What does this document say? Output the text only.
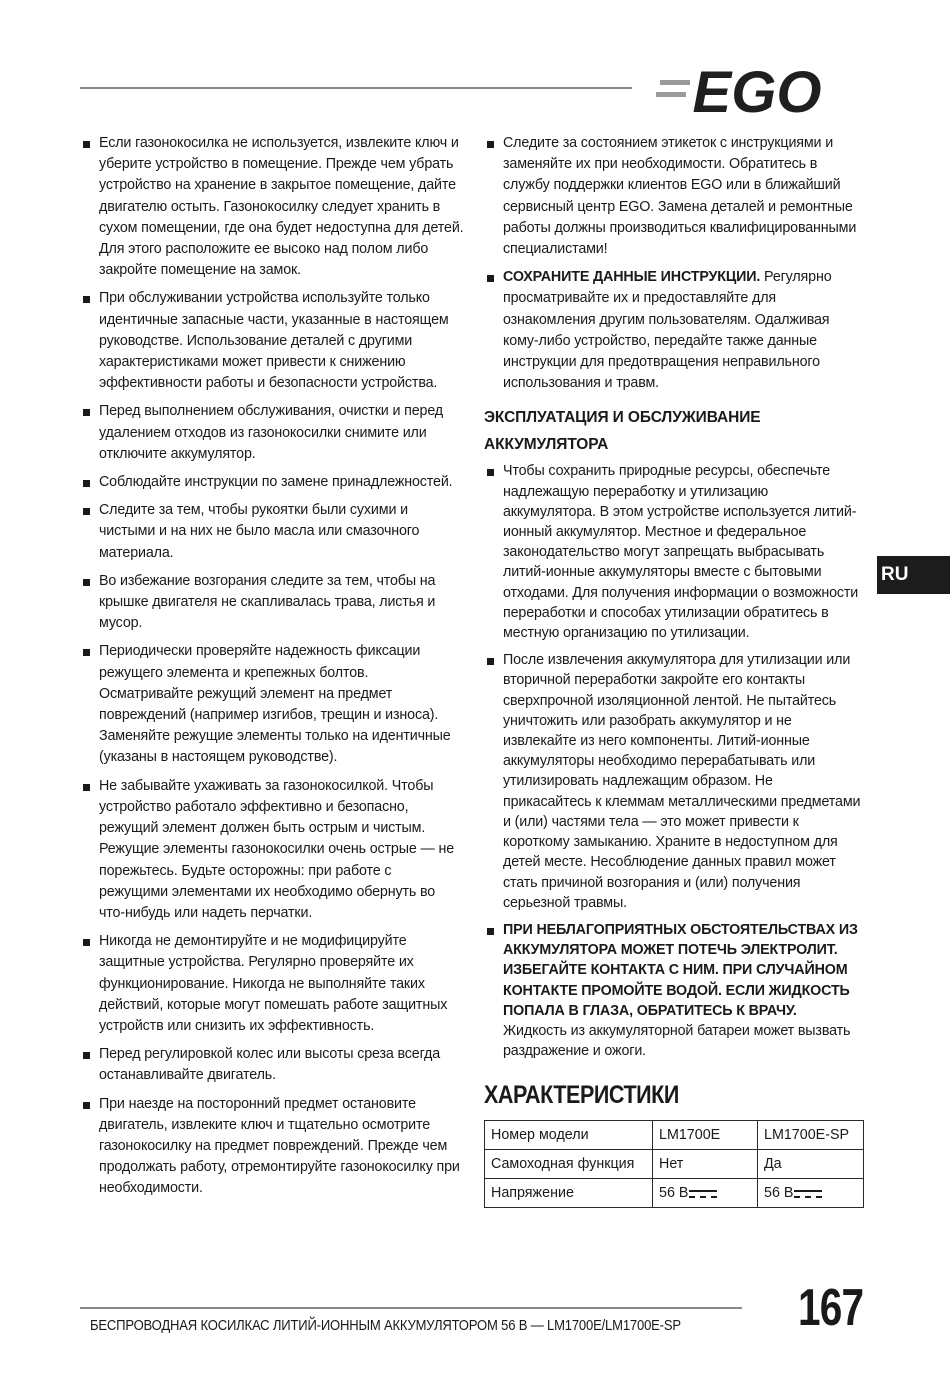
EGO
Если газонокосилка не используется, извлеките ключ и уберите устройство в помещение. Прежде чем убрать устройство на хранение в закрытое помещение, дайте двигателю остыть. Газонокосилку следует хранить в сухом помещении, где она будет недоступна для детей. Для этого расположите ее высоко над полом либо закройте помещение на замок.
При обслуживании устройства используйте только идентичные запасные части, указанные в настоящем руководстве. Использование деталей с другими характеристиками может привести к снижению эффективности работы и безопасности устройства.
Перед выполнением обслуживания, очистки и перед удалением отходов из газонокосилки снимите или отключите аккумулятор.
Соблюдайте инструкции по замене принадлежностей.
Следите за тем, чтобы рукоятки были сухими и чистыми и на них не было масла или смазочного материала.
Во избежание возгорания следите за тем, чтобы на крышке двигателя не скапливалась трава, листья и мусор.
Периодически проверяйте надежность фиксации режущего элемента и крепежных болтов. Осматривайте режущий элемент на предмет повреждений (например изгибов, трещин и износа). Заменяйте режущие элементы только на идентичные (указаны в настоящем руководстве).
Не забывайте ухаживать за газонокосилкой. Чтобы устройство работало эффективно и безопасно, режущий элемент должен быть острым и чистым. Режущие элементы газонокосилки очень острые — не порежьтесь. Будьте осторожны: при работе с режущими элементами их необходимо обернуть во что-нибудь или надеть перчатки.
Никогда не демонтируйте и не модифицируйте защитные устройства. Регулярно проверяйте их функционирование. Никогда не выполняйте таких действий, которые могут помешать работе защитных устройств или снизить их эффективность.
Перед регулировкой колес или высоты среза всегда останавливайте двигатель.
При наезде на посторонний предмет остановите двигатель, извлеките ключ и тщательно осмотрите газонокосилку на предмет повреждений. Прежде чем продолжать работу, отремонтируйте газонокосилку при необходимости.
Следите за состоянием этикеток с инструкциями и заменяйте их при необходимости. Обратитесь в службу поддержки клиентов EGO или в ближайший сервисный центр EGO. Замена деталей и ремонтные работы должны производиться квалифицированными специалистами!
СОХРАНИТЕ ДАННЫЕ ИНСТРУКЦИИ. Регулярно просматривайте их и предоставляйте для ознакомления другим пользователям. Одалживая кому-либо устройство, передайте также данные инструкции для предотвращения неправильного использования и травм.
ЭКСПЛУАТАЦИЯ И ОБСЛУЖИВАНИЕ
АККУМУЛЯТОРА
Чтобы сохранить природные ресурсы, обеспечьте надлежащую переработку и утилизацию аккумулятора. В этом устройстве используется литий-ионный аккумулятор. Местное и федеральное законодательство могут запрещать выбрасывать литий-ионные аккумуляторы вместе с бытовыми отходами. Для получения информации о возможности переработки и способах утилизации обратитесь в местную организацию по утилизации.
После извлечения аккумулятора для утилизации или вторичной переработки закройте его контакты сверхпрочной изоляционной лентой. Не пытайтесь уничтожить или разобрать аккумулятор и не извлекайте из него компоненты. Литий-ионные аккумуляторы необходимо перерабатывать или утилизировать надлежащим образом. Не прикасайтесь к клеммам металлическими предметами и (или) частями тела — это может привести к короткому замыканию. Храните в недоступном для детей месте. Несоблюдение данных правил может стать причиной возгорания и (или) получения серьезной травмы.
ПРИ НЕБЛАГОПРИЯТНЫХ ОБСТОЯТЕЛЬСТВАХ ИЗ АККУМУЛЯТОРА МОЖЕТ ПОТЕЧЬ ЭЛЕКТРОЛИТ. ИЗБЕГАЙТЕ КОНТАКТА С НИМ. ПРИ СЛУЧАЙНОМ КОНТАКТЕ ПРОМОЙТЕ ВОДОЙ. ЕСЛИ ЖИДКОСТЬ ПОПАЛА В ГЛАЗА, ОБРАТИТЕСЬ К ВРАЧУ. Жидкость из аккумуляторной батареи может вызвать раздражение и ожоги.
ХАРАКТЕРИСТИКИ
Номер модели	LM1700E	LM1700E-SP
Самоходная функция	Нет	Да
Напряжение	56 В	56 В
RU
БЕСПРОВОДНАЯ КОСИЛКАС ЛИТИЙ-ИОННЫМ АККУМУЛЯТОРОМ 56 В — LM1700E/LM1700E-SP 167
